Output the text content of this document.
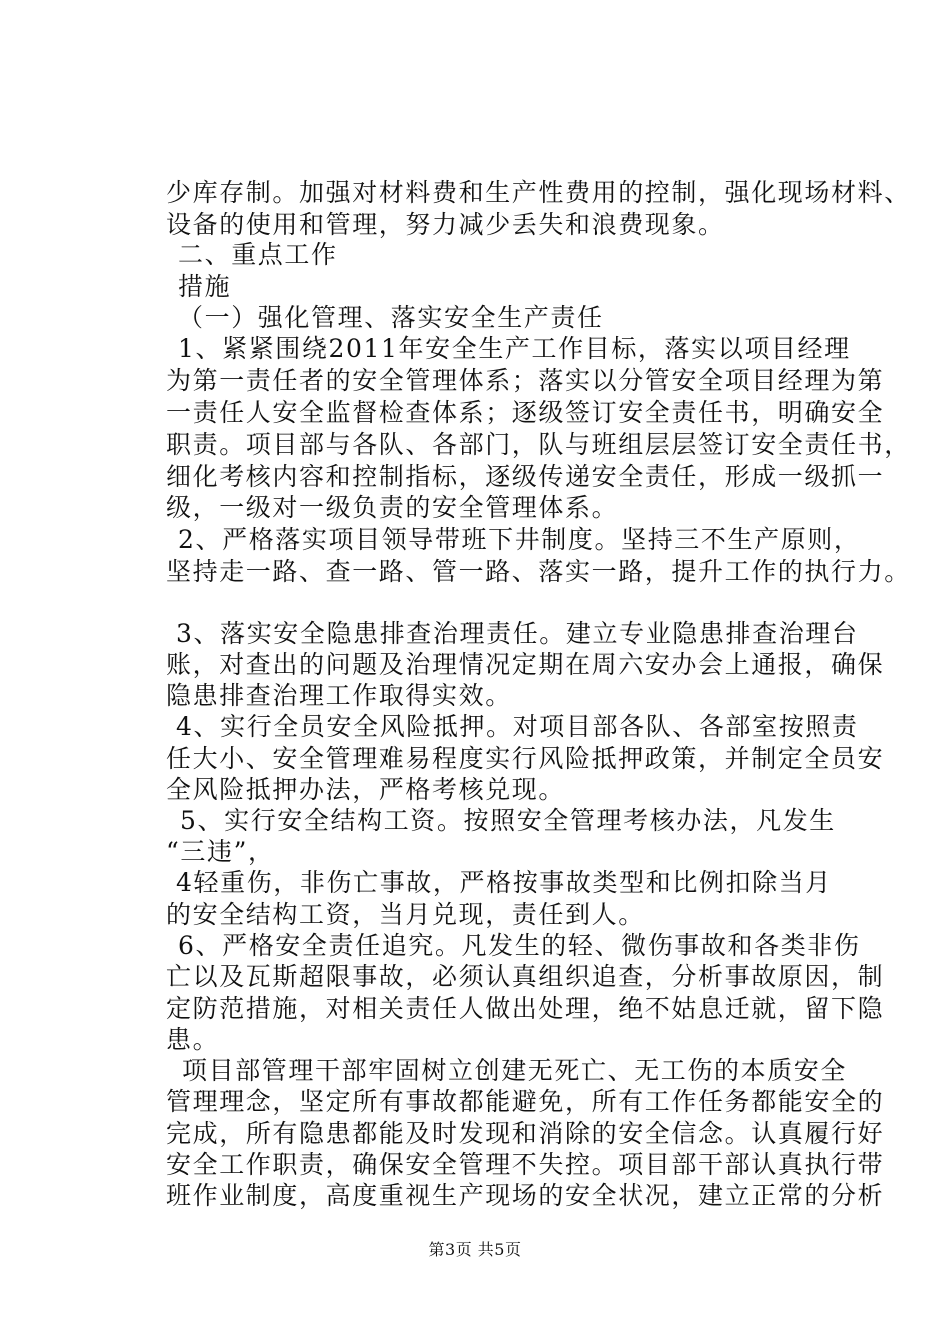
少库存制。加强对材料费和生产性费用的控制，强化现场材料、
设备的使用和管理，努力减少丢失和浪费现象。
二、重点工作
措施
（一）强化管理、落实安全生产责任
1、紧紧围绕2011年安全生产工作目标，落实以项目经理
为第一责任者的安全管理体系；落实以分管安全项目经理为第
一责任人安全监督检查体系；逐级签订安全责任书，明确安全
职责。项目部与各队、各部门，队与班组层层签订安全责任书，
细化考核内容和控制指标，逐级传递安全责任，形成一级抓一
级，一级对一级负责的安全管理体系。
2、严格落实项目领导带班下井制度。坚持三不生产原则，
坚持走一路、查一路、管一路、落实一路，提升工作的执行力。
3、落实安全隐患排查治理责任。建立专业隐患排查治理台
账，对查出的问题及治理情况定期在周六安办会上通报，确保
隐患排查治理工作取得实效。
4、实行全员安全风险抵押。对项目部各队、各部室按照责
任大小、安全管理难易程度实行风险抵押政策，并制定全员安
全风险抵押办法，严格考核兑现。
5、实行安全结构工资。按照安全管理考核办法，凡发生
“三违”，
4轻重伤，非伤亡事故，严格按事故类型和比例扣除当月
的安全结构工资，当月兑现，责任到人。
6、严格安全责任追究。凡发生的轻、微伤事故和各类非伤
亡以及瓦斯超限事故，必须认真组织追查，分析事故原因，制
定防范措施，对相关责任人做出处理，绝不姑息迁就，留下隐
患。
项目部管理干部牢固树立创建无死亡、无工伤的本质安全
管理理念，坚定所有事故都能避免，所有工作任务都能安全的
完成，所有隐患都能及时发现和消除的安全信念。认真履行好
安全工作职责，确保安全管理不失控。项目部干部认真执行带
班作业制度，高度重视生产现场的安全状况，建立正常的分析
第3页 共5页
